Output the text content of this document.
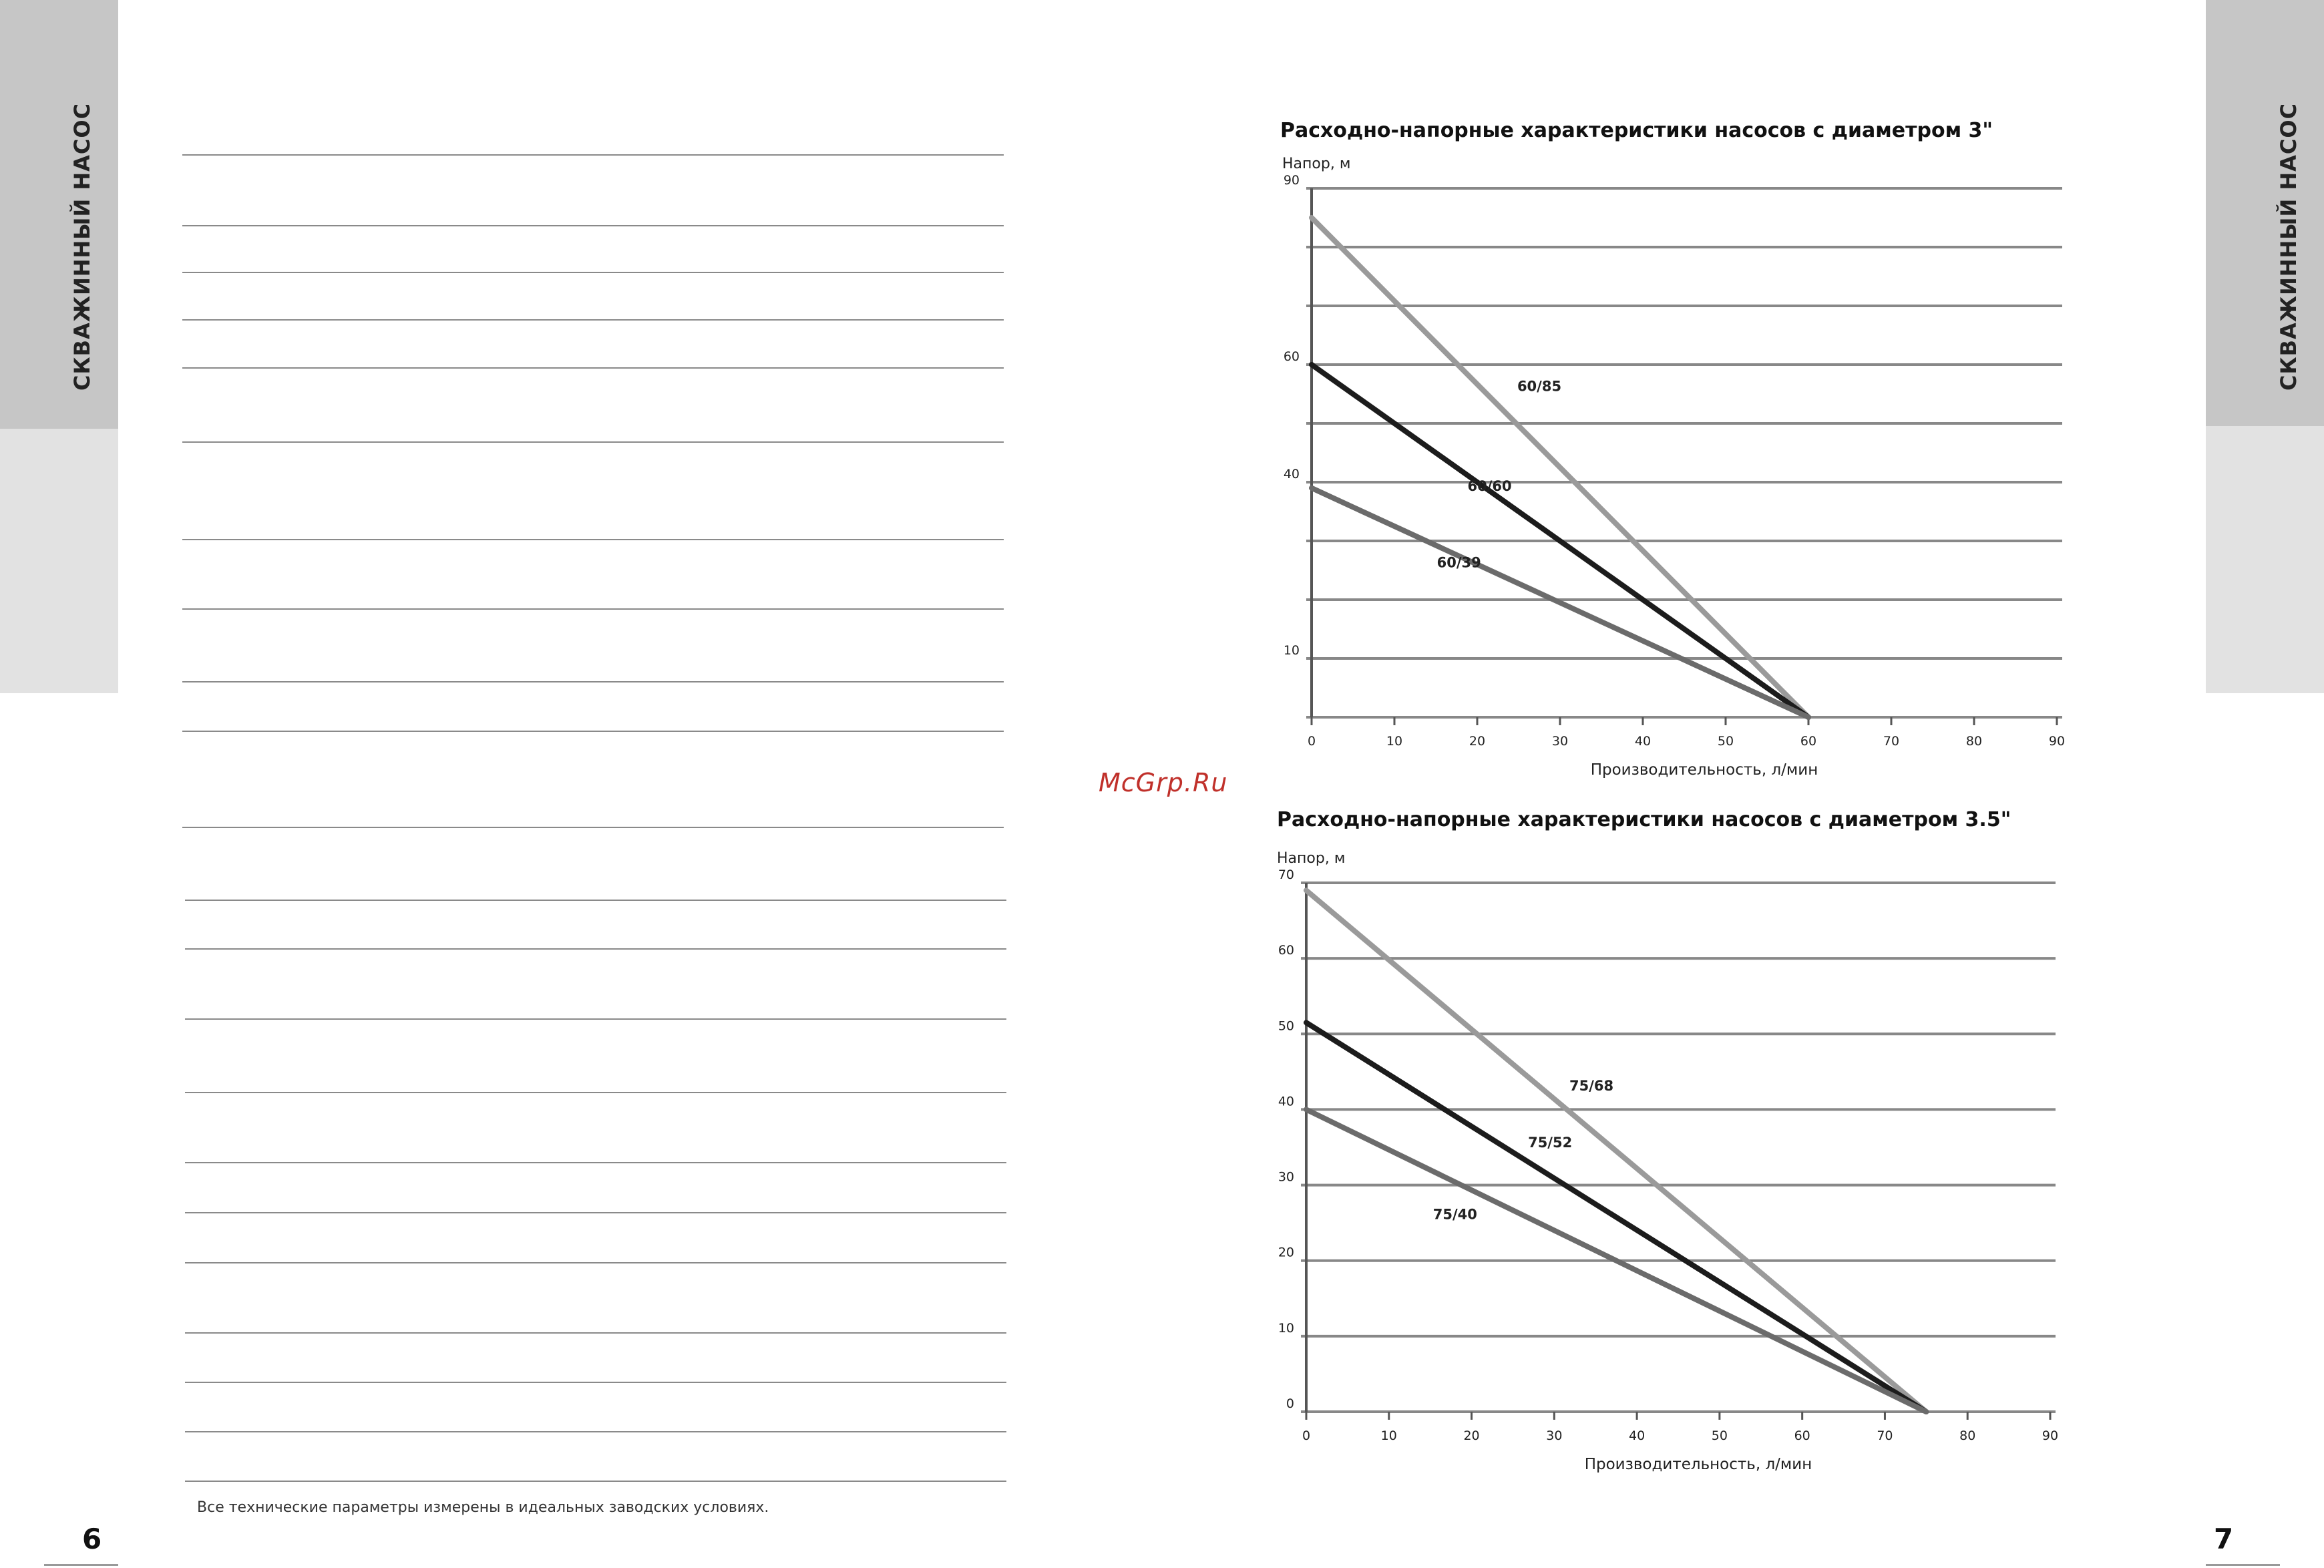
СКВАЖИННЫЙ НАСОС	СКВАЖИННЫЙ НАСОС
Все технические параметры измерены в идеальных заводских условиях.
6	7
McGrp.Ru
Расходно-напорные характеристики насосов с диаметром 3"
Напор, м
10
40
60
90
0	10	20	30	40	50	60	70	80	90
Производительность, л/мин
60/85
60/60
60/39
Расходно-напорные характеристики насосов с диаметром 3.5"
Напор, м
0
10
20
30
40
50
60
70
0	10	20	30	40	50	60	70	80	90
Производительность, л/мин
75/68
75/52
75/40
